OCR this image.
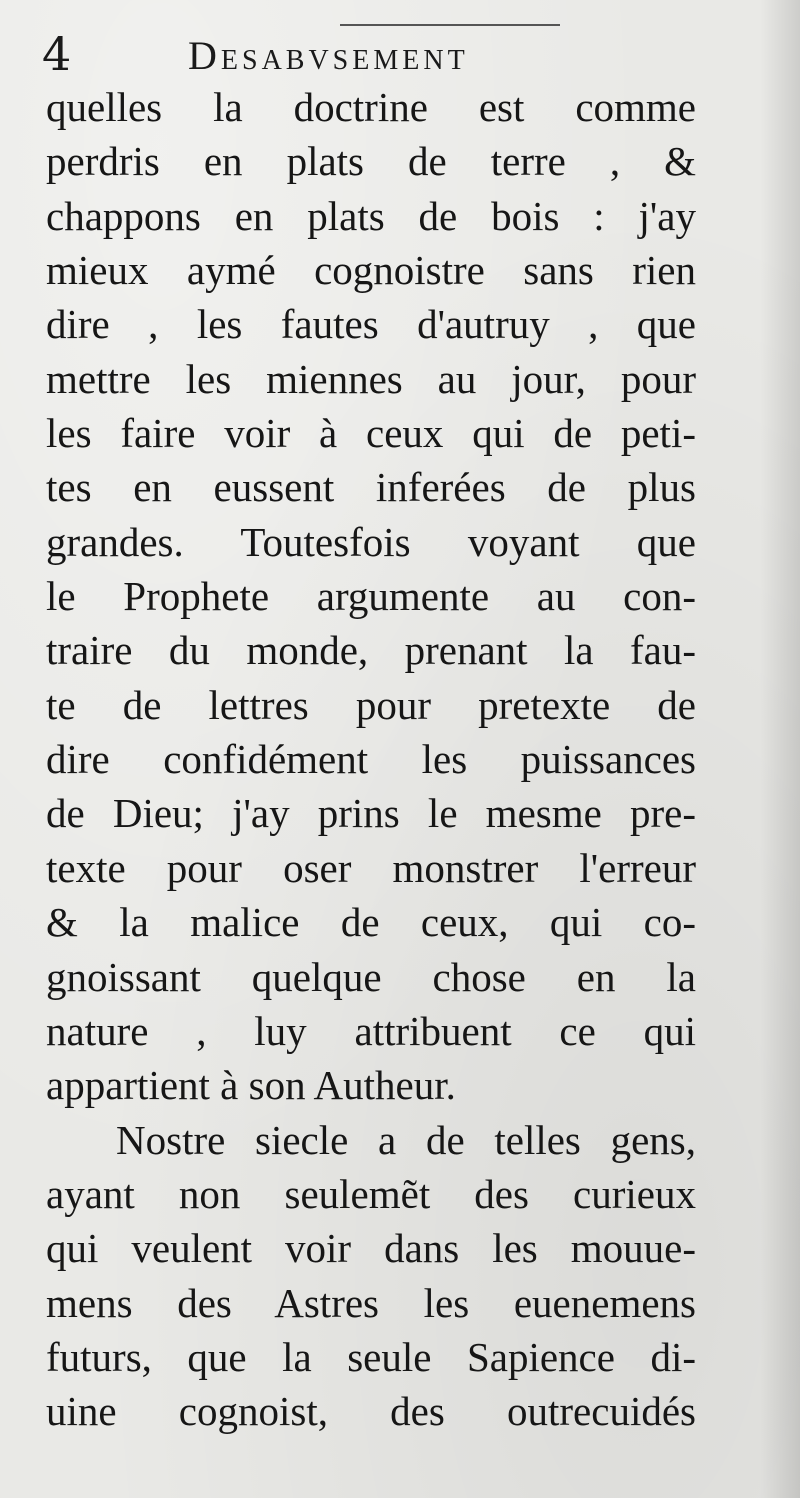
4	Desabvsement
quelles la doctrine est comme
perdris en plats de terre , &
chappons en plats de bois : j'ay
mieux aymé cognoistre sans rien
dire , les fautes d'autruy , que
mettre les miennes au jour, pour
les faire voir à ceux qui de peti-
tes en eussent inferées de plus
grandes. Toutesfois voyant que
le Prophete argumente au con-
traire du monde, prenant la fau-
te de lettres pour pretexte de
dire confidément les puissances
de Dieu; j'ay prins le mesme pre-
texte pour oser monstrer l'erreur
& la malice de ceux, qui co-
gnoissant quelque chose en la
nature , luy attribuent ce qui
appartient à son Autheur.
Nostre siecle a de telles gens,
ayant non seulemẽt des curieux
qui veulent voir dans les mouue-
mens des Astres les euenemens
futurs, que la seule Sapience di-
uine cognoist, des outrecuidés
